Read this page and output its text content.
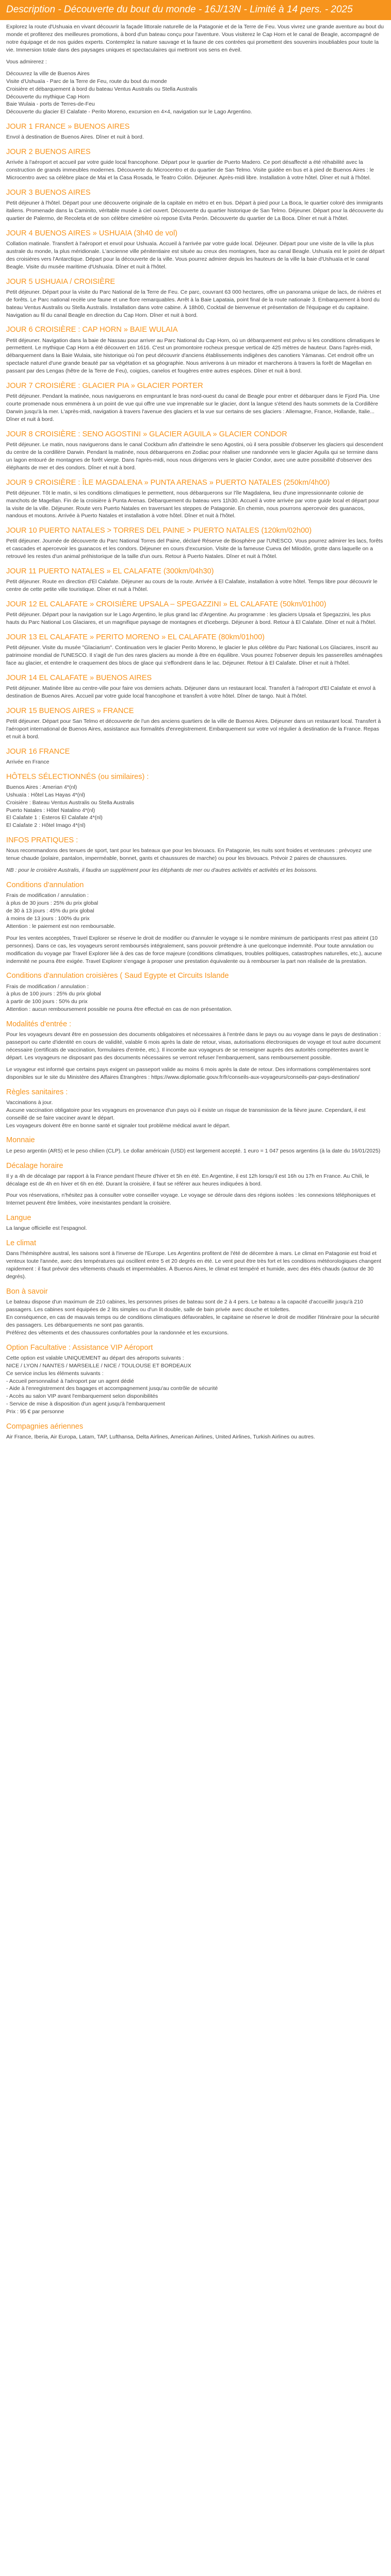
Description - Découverte du bout du monde - 16J/13N - Limité à 14 pers. - 2025

Explorez la route d'Ushuaia en vivant découvrir la façade littorale naturelle de la Patagonie et de la Terre de Feu. Vous vivrez une grande aventure au bout du monde et profiterez des meilleures promotions, à bord d'un bateau conçu pour l'aventure. Vous visiterez le Cap Horn et le canal de Beagle, accompagné de notre équipage et de nos guides experts. Contemplez la nature sauvage et la faune de ces contrées qui promettent des souvenirs inoubliables pour toute la vie. Immersion totale dans des paysages uniques et spectaculaires qui mettront vos sens en éveil.

Vous admirerez :

Découvrez la ville de Buenos Aires
Visite d'Ushuaïa - Parc de la Terre de Feu, route du bout du monde
Croisière et débarquement à bord du bateau Ventus Australis ou Stella Australis
Découverte du mythique Cap Horn
Baie Wulaia - ports de Terres-de-Feu
Découverte du glacier El Calafate - Perito Moreno, excursion en 4×4, navigation sur le Lago Argentino.

JOUR 1 FRANCE » BUENOS AIRES

Envol à destination de Buenos Aires. Dîner et nuit à bord.

JOUR 2 BUENOS AIRES

Arrivée à l'aéroport et accueil par votre guide local francophone. Départ pour le quartier de Puerto Madero. Ce port désaffecté a été réhabilité avec la construction de grands immeubles modernes. Découverte du Microcentro et du quartier de San Telmo. Visite guidée en bus et à pied de Buenos Aires : le Microcentro avec sa célèbre place de Mai et la Casa Rosada, le Teatro Colón. Déjeuner. Après-midi libre. Installation à votre hôtel. Dîner et nuit à l'hôtel.

JOUR 3 BUENOS AIRES

Petit déjeuner à l'hôtel. Départ pour une découverte originale de la capitale en métro et en bus. Départ à pied pour La Boca, le quartier coloré des immigrants italiens. Promenade dans la Caminito, véritable musée à ciel ouvert. Découverte du quartier historique de San Telmo. Déjeuner. Départ pour la découverte du quartier de Palermo, de Recoleta et de son célèbre cimetière où repose Evita Perón. Découverte du quartier de La Boca. Dîner et nuit à l'hôtel.

JOUR 4 BUENOS AIRES » USHUAIA (3h40 de vol)

Collation matinale. Transfert à l'aéroport et envol pour Ushuaïa. Accueil à l'arrivée par votre guide local. Déjeuner. Départ pour une visite de la ville la plus australe du monde, la plus méridionale. L'ancienne ville pénitentiaire est située au creux des montagnes, face au canal Beagle. Ushuaïa est le point de départ des croisières vers l'Antarctique. Départ pour la découverte de la ville. Vous pourrez admirer depuis les hauteurs de la ville la baie d'Ushuaïa et le canal Beagle. Visite du musée maritime d'Ushuaïa. Dîner et nuit à l'hôtel.

JOUR 5 USHUAIA / CROISIÈRE

Petit déjeuner. Départ pour la visite du Parc National de la Terre de Feu. Ce parc, couvrant 63 000 hectares, offre un panorama unique de lacs, de rivières et de forêts. Le Parc national recèle une faune et une flore remarquables. Arrêt à la Baie Lapataia, point final de la route nationale 3. Embarquement à bord du bateau Ventus Australis ou Stella Australis. Installation dans votre cabine. À 18h00, Cocktail de bienvenue et présentation de l'équipage et du capitaine. Navigation au fil du canal Beagle en direction du Cap Horn. Dîner et nuit à bord.

JOUR 6 CROISIÈRE : CAP HORN » BAIE WULAIA

Petit déjeuner. Navigation dans la baie de Nassau pour arriver au Parc National du Cap Horn, où un débarquement est prévu si les conditions climatiques le permettent. Le mythique Cap Horn a été découvert en 1616. C'est un promontoire rocheux presque vertical de 425 mètres de hauteur. Dans l'après-midi, débarquement dans la Baie Wulaia, site historique où l'on peut découvrir d'anciens établissements indigènes des canotiers Yámanas. Cet endroit offre un spectacle naturel d'une grande beauté par sa végétation et sa géographie. Nous arriverons à un mirador et marcherons à travers la forêt de Magellan en passant par des Lengas (hêtre de la Terre de Feu), coigües, canelos et fougères entre autres espèces. Dîner et nuit à bord.

JOUR 7 CROISIÈRE : GLACIER PIA » GLACIER PORTER

Petit déjeuner. Pendant la matinée, nous naviguerons en empruntant le bras nord-ouest du canal de Beagle pour entrer et débarquer dans le Fjord Pia. Une courte promenade nous emmènera à un point de vue qui offre une vue imprenable sur le glacier, dont la langue s'étend des hauts sommets de la Cordillère Darwin jusqu'à la mer. L'après-midi, navigation à travers l'avenue des glaciers et la vue sur certains de ses glaciers : Allemagne, France, Hollande, Italie... Dîner et nuit à bord.

JOUR 8 CROISIÈRE : SENO AGOSTINI » GLACIER AGUILA » GLACIER CONDOR

Petit déjeuner. Le matin, nous naviguerons dans le canal Cockburn afin d'atteindre le seno Agostini, où il sera possible d'observer les glaciers qui descendent du centre de la cordillère Darwin. Pendant la matinée, nous débarquerons en Zodiac pour réaliser une randonnée vers le glacier Aguila qui se termine dans un lagon entouré de montagnes de forêt vierge. Dans l'après-midi, nous nous dirigerons vers le glacier Condor, avec une autre possibilité d'observer des éléphants de mer et des condors. Dîner et nuit à bord.

JOUR 9 CROISIÈRE : ÎLE MAGDALENA » PUNTA ARENAS » PUERTO NATALES (250km/4h00)

Petit déjeuner. Tôt le matin, si les conditions climatiques le permettent, nous débarquerons sur l'île Magdalena, lieu d'une impressionnante colonie de manchots de Magellan. Fin de la croisière à Punta Arenas. Débarquement du bateau vers 11h30. Accueil à votre arrivée par votre guide local et départ pour la visite de la ville. Déjeuner. Route vers Puerto Natales en traversant les steppes de Patagonie. En chemin, nous pourrons apercevoir des guanacos, nandous et moutons. Arrivée à Puerto Natales et installation à votre hôtel. Dîner et nuit à l'hôtel.

JOUR 10 PUERTO NATALES > TORRES DEL PAINE > PUERTO NATALES (120km/02h00)

Petit déjeuner. Journée de découverte du Parc National Torres del Paine, déclaré Réserve de Biosphère par l'UNESCO. Vous pourrez admirer les lacs, forêts et cascades et apercevoir les guanacos et les condors. Déjeuner en cours d'excursion. Visite de la fameuse Cueva del Milodón, grotte dans laquelle on a retrouvé les restes d'un animal préhistorique de la taille d'un ours. Retour à Puerto Natales. Dîner et nuit à l'hôtel.

JOUR 11 PUERTO NATALES » EL CALAFATE (300km/04h30)

Petit déjeuner. Route en direction d'El Calafate. Déjeuner au cours de la route. Arrivée à El Calafate, installation à votre hôtel. Temps libre pour découvrir le centre de cette petite ville touristique. Dîner et nuit à l'hôtel.

JOUR 12 EL CALAFATE » CROISIÈRE UPSALA – SPEGAZZINI » EL CALAFATE (50km/01h00)

Petit déjeuner. Départ pour la navigation sur le Lago Argentino, le plus grand lac d'Argentine. Au programme : les glaciers Upsala et Spegazzini, les plus hauts du Parc National Los Glaciares, et un magnifique paysage de montagnes et d'icebergs. Déjeuner à bord. Retour à El Calafate. Dîner et nuit à l'hôtel.

JOUR 13 EL CALAFATE » PERITO MORENO » EL CALAFATE (80km/01h00)

Petit déjeuner. Visite du musée "Glaciarium". Continuation vers le glacier Perito Moreno, le glacier le plus célèbre du Parc National Los Glaciares, inscrit au patrimoine mondial de l'UNESCO. Il s'agit de l'un des rares glaciers au monde à être en équilibre. Vous pourrez l'observer depuis les passerelles aménagées face au glacier, et entendre le craquement des blocs de glace qui s'effondrent dans le lac. Déjeuner. Retour à El Calafate. Dîner et nuit à l'hôtel.

JOUR 14 EL CALAFATE » BUENOS AIRES

Petit déjeuner. Matinée libre au centre-ville pour faire vos derniers achats. Déjeuner dans un restaurant local. Transfert à l'aéroport d'El Calafate et envol à destination de Buenos Aires. Accueil par votre guide local francophone et transfert à votre hôtel. Dîner de tango. Nuit à l'hôtel.

JOUR 15 BUENOS AIRES » FRANCE

Petit déjeuner. Départ pour San Telmo et découverte de l'un des anciens quartiers de la ville de Buenos Aires. Déjeuner dans un restaurant local. Transfert à l'aéroport international de Buenos Aires, assistance aux formalités d'enregistrement. Embarquement sur votre vol régulier à destination de la France. Repas et nuit à bord.

JOUR 16 FRANCE

Arrivée en France

HÔTELS SÉLECTIONNÉS (ou similaires) :

Buenos Aires : Amerian 4*(nl)
Ushuaïa : Hôtel Las Hayas 4*(nl)
Croisière : Bateau Ventus Australis ou Stella Australis
Puerto Natales : Hôtel Natalino 4*(nl)
El Calafate 1 : Esteros El Calafate 4*(nl)
El Calafate 2 : Hôtel Imago 4*(nl)

INFOS PRATIQUES :

Nous recommandons des tenues de sport, tant pour les bateaux que pour les bivouacs. En Patagonie, les nuits sont froides et venteuses : prévoyez une tenue chaude (polaire, pantalon, imperméable, bonnet, gants et chaussures de marche) ou pour les bivouacs. Prévoir 2 paires de chaussures.

NB : pour le croisière Australis, il faudra un supplément pour les éléphants de mer ou d'autres activités et activités et les boissons.

Conditions d'annulation

Frais de modification / annulation :
à plus de 30 jours : 25% du prix global
de 30 à 13 jours : 45% du prix global
à moins de 13 jours : 100% du prix
Attention : le paiement est non remboursable.

Pour les ventes acceptées, Travel Explorer se réserve le droit de modifier ou d'annuler le voyage si le nombre minimum de participants n'est pas atteint (10 personnes). Dans ce cas, les voyageurs seront remboursés intégralement, sans pouvoir prétendre à une quelconque indemnité. Pour toute annulation ou modification du voyage par Travel Explorer liée à des cas de force majeure (conditions climatiques, troubles politiques, catastrophes naturelles, etc.), aucune indemnité ne pourra être exigée. Travel Explorer s'engage à proposer une prestation équivalente ou à rembourser la part non réalisée de la prestation.

Conditions d'annulation croisières ( Saud Egypte et Circuits Islande

Frais de modification / annulation :
à plus de 100 jours : 25% du prix global
à partir de 100 jours : 50% du prix
Attention : aucun remboursement possible ne pourra être effectué en cas de non présentation.

Modalités d'entrée :

Pour les voyageurs devant être en possession des documents obligatoires et nécessaires à l'entrée dans le pays ou au voyage dans le pays de destination : passeport ou carte d'identité en cours de validité, valable 6 mois après la date de retour, visas, autorisations électroniques de voyage et tout autre document nécessaire (certificats de vaccination, formulaires d'entrée, etc.). Il incombe aux voyageurs de se renseigner auprès des autorités compétentes avant le départ. Les voyageurs ne disposant pas des documents nécessaires se verront refuser l'embarquement, sans remboursement possible.

Le voyageur est informé que certains pays exigent un passeport valide au moins 6 mois après la date de retour. Des informations complémentaires sont disponibles sur le site du Ministère des Affaires Étrangères : https://www.diplomatie.gouv.fr/fr/conseils-aux-voyageurs/conseils-par-pays-destination/

Règles sanitaires :

Vaccinations à jour.
Aucune vaccination obligatoire pour les voyageurs en provenance d'un pays où il existe un risque de transmission de la fièvre jaune. Cependant, il est conseillé de se faire vacciner avant le départ.
Les voyageurs doivent être en bonne santé et signaler tout problème médical avant le départ.

Monnaie

Le peso argentin (ARS) et le peso chilien (CLP). Le dollar américain (USD) est largement accepté. 1 euro = 1 047 pesos argentins (à la date du 16/01/2025)

Décalage horaire

Il y a 4h de décalage par rapport à la France pendant l'heure d'hiver et 5h en été. En Argentine, il est 12h lorsqu'il est 16h ou 17h en France. Au Chili, le décalage est de 4h en hiver et 6h en été. Durant la croisière, il faut se référer aux heures indiquées à bord.

Pour vos réservations, n'hésitez pas à consulter votre conseiller voyage. Le voyage se déroule dans des régions isolées : les connexions téléphoniques et Internet peuvent être limitées, voire inexistantes pendant la croisière.

Langue

La langue officielle est l'espagnol.

Le climat

Dans l'hémisphère austral, les saisons sont à l'inverse de l'Europe. Les Argentins profitent de l'été de décembre à mars. Le climat en Patagonie est froid et venteux toute l'année, avec des températures qui oscillent entre 5 et 20 degrés en été. Le vent peut être très fort et les conditions météorologiques changent rapidement : il faut prévoir des vêtements chauds et imperméables. À Buenos Aires, le climat est tempéré et humide, avec des étés chauds (autour de 30 degrés).

Bon à savoir

Le bateau dispose d'un maximum de 210 cabines, les personnes prises de bateau sont de 2 à 4 pers. Le bateau a la capacité d'accueillir jusqu'à 210 passagers. Les cabines sont équipées de 2 lits simples ou d'un lit double, salle de bain privée avec douche et toilettes.
En conséquence, en cas de mauvais temps ou de conditions climatiques défavorables, le capitaine se réserve le droit de modifier l'itinéraire pour la sécurité des passagers. Les débarquements ne sont pas garantis.
Préférez des vêtements et des chaussures confortables pour la randonnée et les excursions.

Option Facultative : Assistance VIP Aéroport

Cette option est valable UNIQUEMENT au départ des aéroports suivants :
NICE / LYON / NANTES / MARSEILLE / NICE / TOULOUSE ET BORDEAUX
Ce service inclus les éléments suivants :
- Accueil personnalisé à l'aéroport par un agent dédié
- Aide à l'enregistrement des bagages et accompagnement jusqu'au contrôle de sécurité
- Accès au salon VIP avant l'embarquement selon disponibilités
- Service de mise à disposition d'un agent jusqu'à l'embarquement
Prix : 95 € par personne

Compagnies aériennes

Air France, Iberia, Air Europa, Latam, TAP, Lufthansa, Delta Airlines, American Airlines, United Airlines, Turkish Airlines ou autres.
